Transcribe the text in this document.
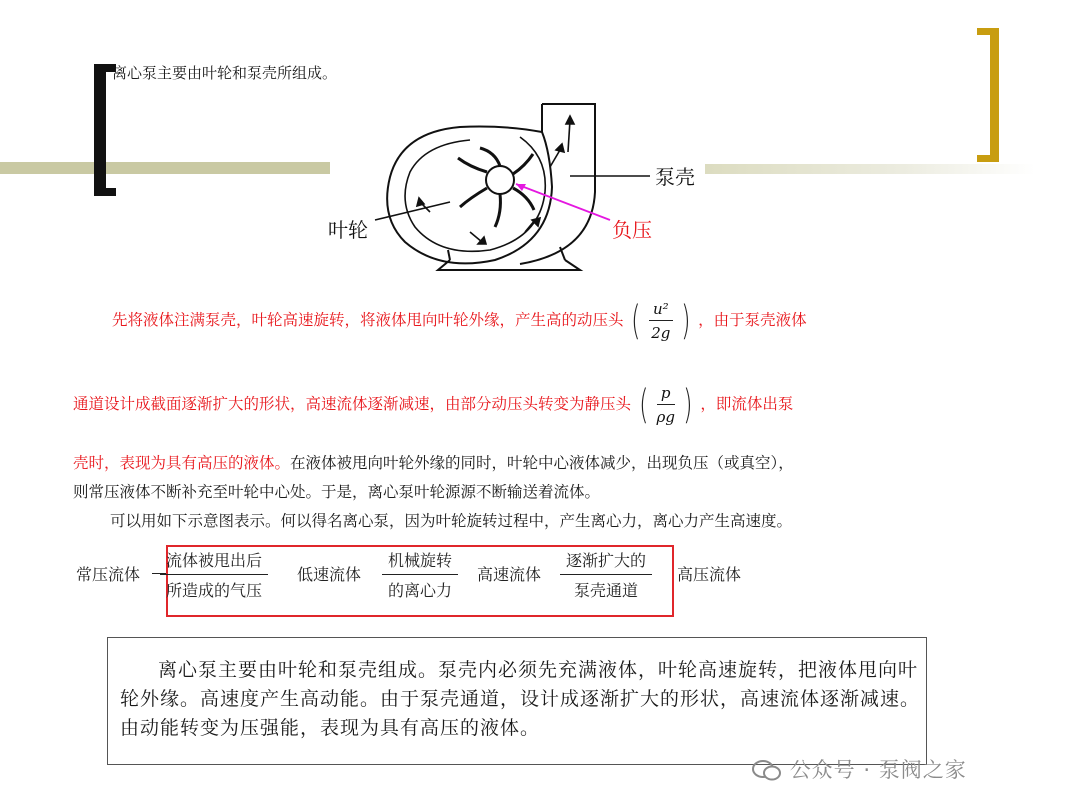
离心泵主要由叶轮和泵壳所组成。
泵壳
叶轮	负压
先将液体注满泵壳，叶轮高速旋转，将液体甩向叶轮外缘，产生高的动压头 ( $\frac{\text{u²}}{2g}$ ) ，由于泵壳液体
通道设计成截面逐渐扩大的形状，高速流体逐渐减速，由部分动压头转变为静压头 ( $\frac{p}{\rho g}$ ) ，即流体出泵
壳时，表现为具有高压的液体。在液体被甩向叶轮外缘的同时，叶轮中心液体减少，出现负压（或真空），
则常压液体不断补充至叶轮中心处。于是，离心泵叶轮源源不断输送着流体。
可以用如下示意图表示。何以得名离心泵，因为叶轮旋转过程中，产生离心力，离心力产生高速度。
常压流体
流体被甩出后
所造成的气压
低速流体
机械旋转
的离心力
高速流体
逐渐扩大的
泵壳通道
高压流体
离心泵主要由叶轮和泵壳组成。泵壳内必须先充满液体，叶轮高速旋转，把液体甩向叶轮外缘。高速度产生高动能。由于泵壳通道，设计成逐渐扩大的形状，高速流体逐渐减速。由动能转变为压强能，表现为具有高压的液体。
公众号 · 泵阀之家
